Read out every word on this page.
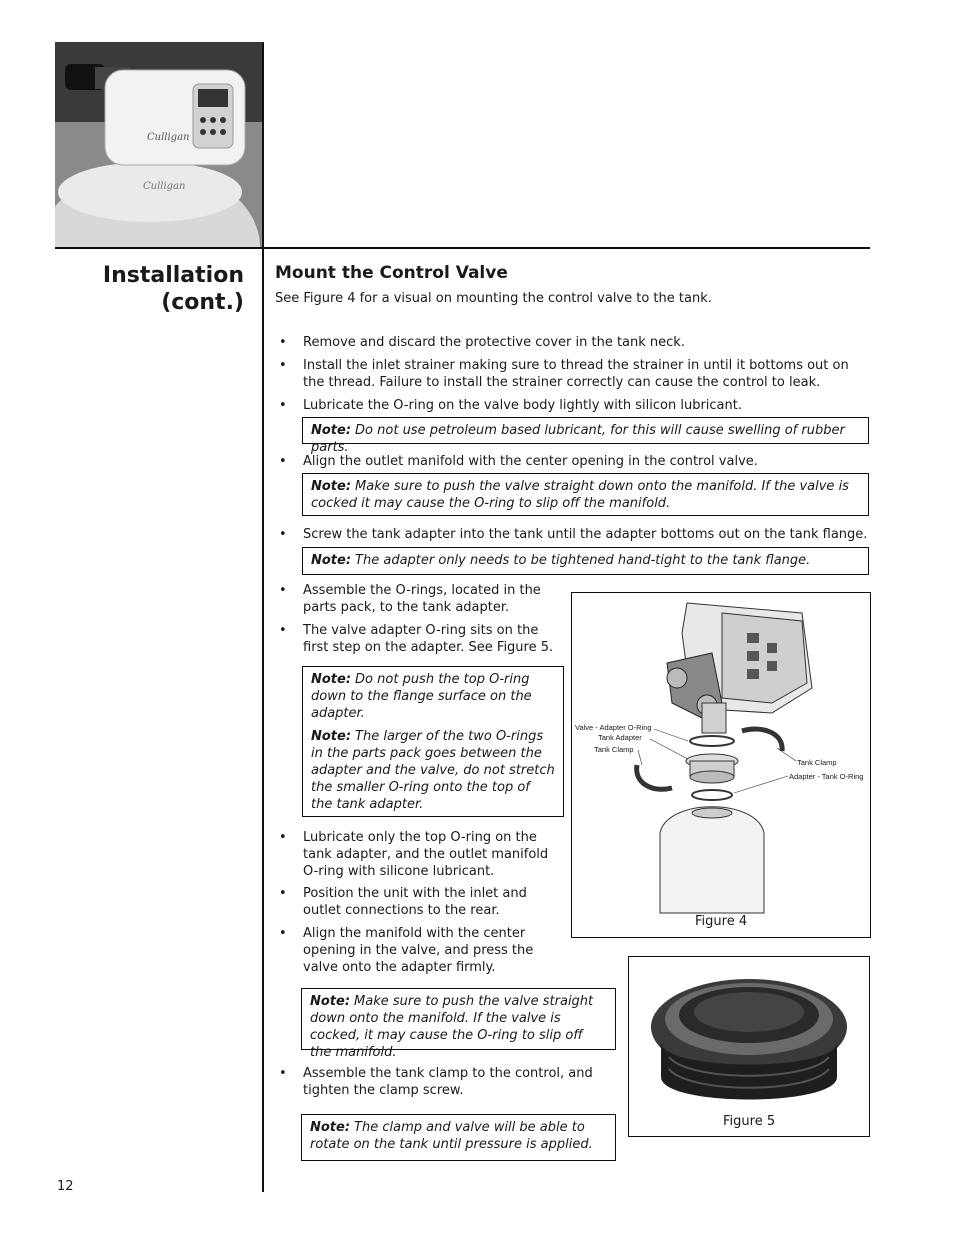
Culligan
Culligan
Installation
(cont.)
Mount the Control Valve
See Figure 4 for a visual on mounting the control valve to the tank.
• Remove and discard the protective cover in the tank neck.
• Install the inlet strainer making sure to thread the strainer in until it bottoms out on the thread. Failure to install the strainer correctly can cause the control to leak.
• Lubricate the O-ring on the valve body lightly with silicon lubricant.
Note: Do not use petroleum based lubricant, for this will cause swelling of rubber parts.
• Align the outlet manifold with the center opening in the control valve.
Note: Make sure to push the valve straight down onto the manifold. If the valve is cocked it may cause the O-ring to slip off the manifold.
• Screw the tank adapter into the tank until the adapter bottoms out on the tank flange.
Note: The adapter only needs to be tightened hand-tight to the tank flange.
• Assemble the O-rings, located in the parts pack, to the tank adapter.
• The valve adapter O-ring sits on the first step on the adapter. See Figure 5.
Note: Do not push the top O-ring down to the flange surface on the adapter.
Note: The larger of the two O-rings in the parts pack goes between the adapter and the valve, do not stretch the smaller O-ring onto the top of the tank adapter.
• Lubricate only the top O-ring on the tank adapter, and the outlet manifold O-ring with silicone lubricant.
• Position the unit with the inlet and outlet connections to the rear.
• Align the manifold with the center opening in the valve, and press the valve onto the adapter firmly.
Note: Make sure to push the valve straight down onto the manifold. If the valve is cocked, it may cause the O-ring to slip off the manifold.
• Assemble the tank clamp to the control, and tighten the clamp screw.
Note: The clamp and valve will be able to rotate on the tank until pressure is applied.
Valve - Adapter O-Ring
Tank Adapter
Tank Clamp
Tank Clamp
Adapter - Tank O-Ring
Figure 4
Figure 5
12
